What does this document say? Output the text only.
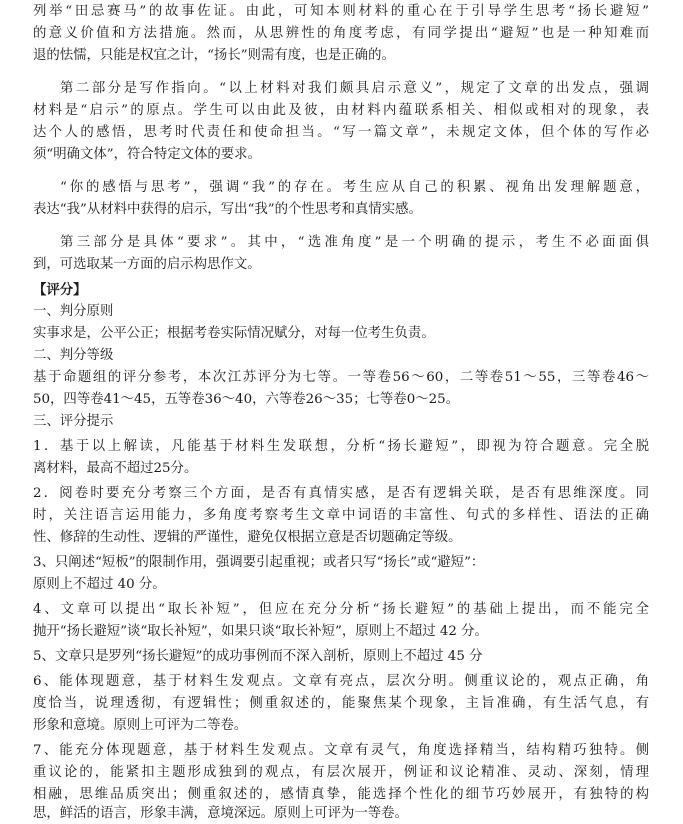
列举“田忌赛马”的故事佐证。由此，可知本则材料的重心在于引导学生思考“扬长避短”
的意义价值和方法措施。然而，从思辨性的角度考虑，有同学提出“避短”也是一种知难而
退的怯懦，只能是权宜之计，“扬长”则需有度，也是正确的。
第二部分是写作指向。“以上材料对我们颇具启示意义”，规定了文章的出发点，强调
材料是“启示”的原点。学生可以由此及彼，由材料内蕴联系相关、相似或相对的现象，表
达个人的感悟，思考时代责任和使命担当。“写一篇文章”，未规定文体，但个体的写作必
须“明确文体”，符合特定文体的要求。
“你的感悟与思考”，强调“我”的存在。考生应从自己的积累、视角出发理解题意，
表达“我”从材料中获得的启示，写出“我”的个性思考和真情实感。
第三部分是具体“要求”。其中，“选准角度”是一个明确的提示，考生不必面面俱
到，可选取某一方面的启示构思作文。
【评分】
一、判分原则
实事求是，公平公正；根据考卷实际情况赋分，对每一位考生负责。
二、判分等级
基于命题组的评分参考，本次江苏评分为七等。一等卷56～60，二等卷51～55，三等卷46～
50，四等卷41～45，五等卷36～40，六等卷26～35；七等卷0～25。
三、评分提示
1．基于以上解读，凡能基于材料生发联想，分析“扬长避短”，即视为符合题意。完全脱
离材料，最高不超过25分。
2．阅卷时要充分考察三个方面，是否有真情实感，是否有逻辑关联，是否有思维深度。同
时，关注语言运用能力，多角度考察考生文章中词语的丰富性、句式的多样性、语法的正确
性、修辞的生动性、逻辑的严谨性，避免仅根据立意是否切题确定等级。
3、只阐述“短板”的限制作用，强调要引起重视；或者只写“扬长”或“避短”：
原则上不超过 40 分。
4、文章可以提出“取长补短”，但应在充分分析“扬长避短”的基础上提出，而不能完全
抛开“扬长避短”谈“取长补短”，如果只谈“取长补短”，原则上不超过 42 分。
5、文章只是罗列“扬长避短”的成功事例而不深入剖析，原则上不超过 45 分
6、能体现题意，基于材料生发观点。文章有亮点，层次分明。侧重议论的，观点正确，角
度恰当，说理透彻，有逻辑性；侧重叙述的，能聚焦某个现象，主旨准确，有生活气息，有
形象和意境。原则上可评为二等卷。
7、能充分体现题意，基于材料生发观点。文章有灵气，角度选择精当，结构精巧独特。侧
重议论的，能紧扣主题形成独到的观点，有层次展开，例证和议论精准、灵动、深刻，情理
相融，思维品质突出；侧重叙述的，感情真挚，能选择个性化的细节巧妙展开，有独特的构
思，鲜活的语言，形象丰满，意境深远。原则上可评为一等卷。
